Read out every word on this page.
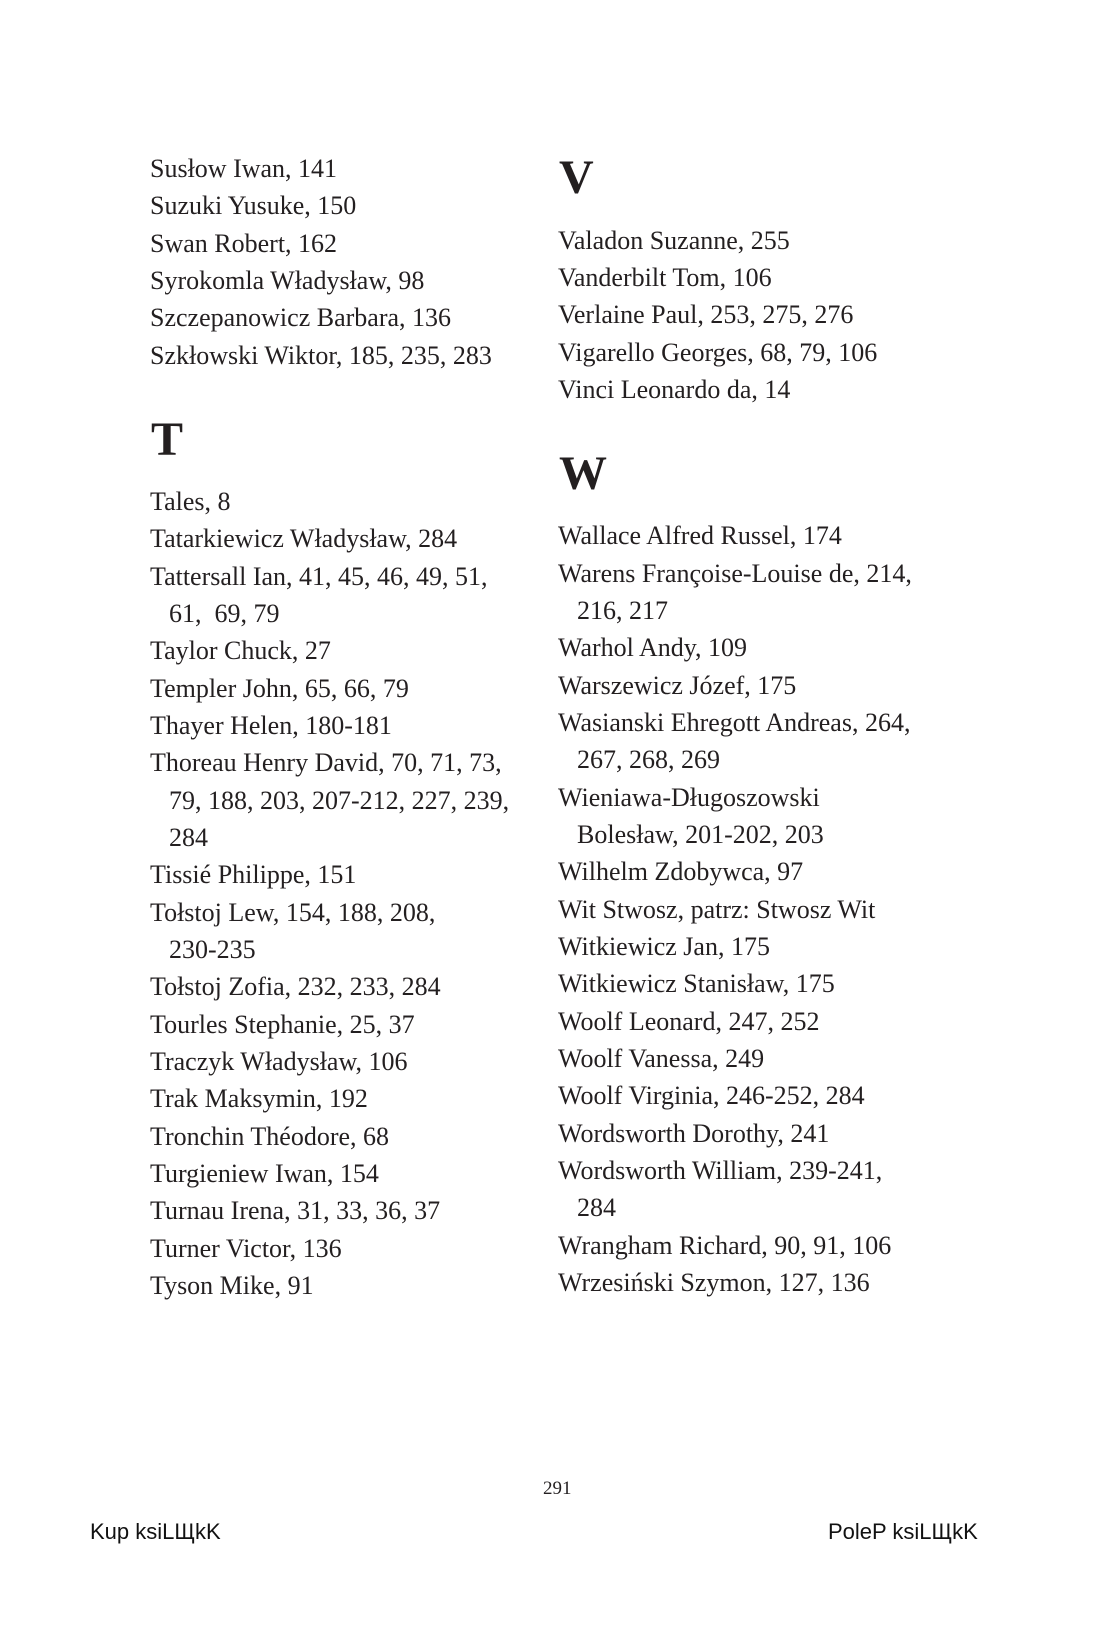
Susłow Iwan, 141
Suzuki Yusuke, 150
Swan Robert, 162
Syrokomla Władysław, 98
Szczepanowicz Barbara, 136
Szkłowski Wiktor, 185, 235, 283
T
Tales, 8
Tatarkiewicz Władysław, 284
Tattersall Ian, 41, 45, 46, 49, 51,
61,  69, 79
Taylor Chuck, 27
Templer John, 65, 66, 79
Thayer Helen, 180-181
Thoreau Henry David, 70, 71, 73,
79, 188, 203, 207-212, 227, 239,
284
Tissié Philippe, 151
Tołstoj Lew, 154, 188, 208,
230-235
Tołstoj Zofia, 232, 233, 284
Tourles Stephanie, 25, 37
Traczyk Władysław, 106
Trak Maksymin, 192
Tronchin Théodore, 68
Turgieniew Iwan, 154
Turnau Irena, 31, 33, 36, 37
Turner Victor, 136
Tyson Mike, 91
V
Valadon Suzanne, 255
Vanderbilt Tom, 106
Verlaine Paul, 253, 275, 276
Vigarello Georges, 68, 79, 106
Vinci Leonardo da, 14
W
Wallace Alfred Russel, 174
Warens Françoise-Louise de, 214,
216, 217
Warhol Andy, 109
Warszewicz Józef, 175
Wasianski Ehregott Andreas, 264,
267, 268, 269
Wieniawa-Długoszowski
Bolesław, 201-202, 203
Wilhelm Zdobywca, 97
Wit Stwosz, patrz: Stwosz Wit
Witkiewicz Jan, 175
Witkiewicz Stanisław, 175
Woolf Leonard, 247, 252
Woolf Vanessa, 249
Woolf Virginia, 246-252, 284
Wordsworth Dorothy, 241
Wordsworth William, 239-241,
284
Wrangham Richard, 90, 91, 106
Wrzesiński Szymon, 127, 136
291
Kup ksiLЩkK	PoleP ksiLЩkK
